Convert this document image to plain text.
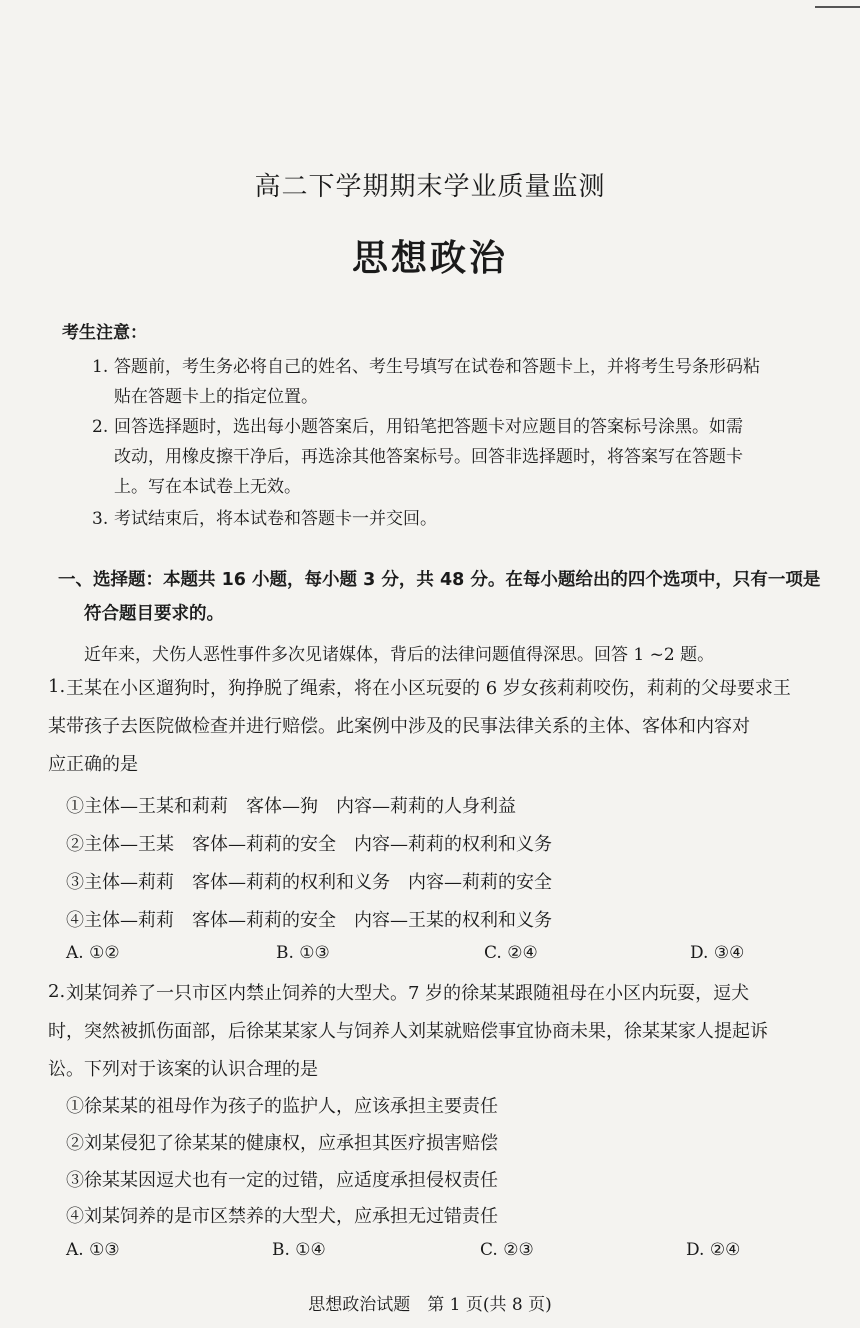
高二下学期期末学业质量监测
思想政治
考生注意：
1. 答题前，考生务必将自己的姓名、考生号填写在试卷和答题卡上，并将考生号条形码粘
贴在答题卡上的指定位置。
2. 回答选择题时，选出每小题答案后，用铅笔把答题卡对应题目的答案标号涂黑。如需
改动，用橡皮擦干净后，再选涂其他答案标号。回答非选择题时，将答案写在答题卡
上。写在本试卷上无效。
3. 考试结束后，将本试卷和答题卡一并交回。
一、选择题：本题共 16 小题，每小题 3 分，共 48 分。在每小题给出的四个选项中，只有一项是
符合题目要求的。
近年来，犬伤人恶性事件多次见诸媒体，背后的法律问题值得深思。回答 1 ~2 题。
1. 王某在小区遛狗时，狗挣脱了绳索，将在小区玩耍的 6 岁女孩莉莉咬伤，莉莉的父母要求王
某带孩子去医院做检查并进行赔偿。此案例中涉及的民事法律关系的主体、客体和内容对
应正确的是
①主体—王某和莉莉　客体—狗　内容—莉莉的人身利益
②主体—王某　客体—莉莉的安全　内容—莉莉的权利和义务
③主体—莉莉　客体—莉莉的权利和义务　内容—莉莉的安全
④主体—莉莉　客体—莉莉的安全　内容—王某的权利和义务
A. ①②	B. ①③	C. ②④	D. ③④
2. 刘某饲养了一只市区内禁止饲养的大型犬。7 岁的徐某某跟随祖母在小区内玩耍，逗犬
时，突然被抓伤面部，后徐某某家人与饲养人刘某就赔偿事宜协商未果，徐某某家人提起诉
讼。下列对于该案的认识合理的是
①徐某某的祖母作为孩子的监护人，应该承担主要责任
②刘某侵犯了徐某某的健康权，应承担其医疗损害赔偿
③徐某某因逗犬也有一定的过错，应适度承担侵权责任
④刘某饲养的是市区禁养的大型犬，应承担无过错责任
A. ①③	B. ①④	C. ②③	D. ②④
思想政治试题　第 1 页(共 8 页)
